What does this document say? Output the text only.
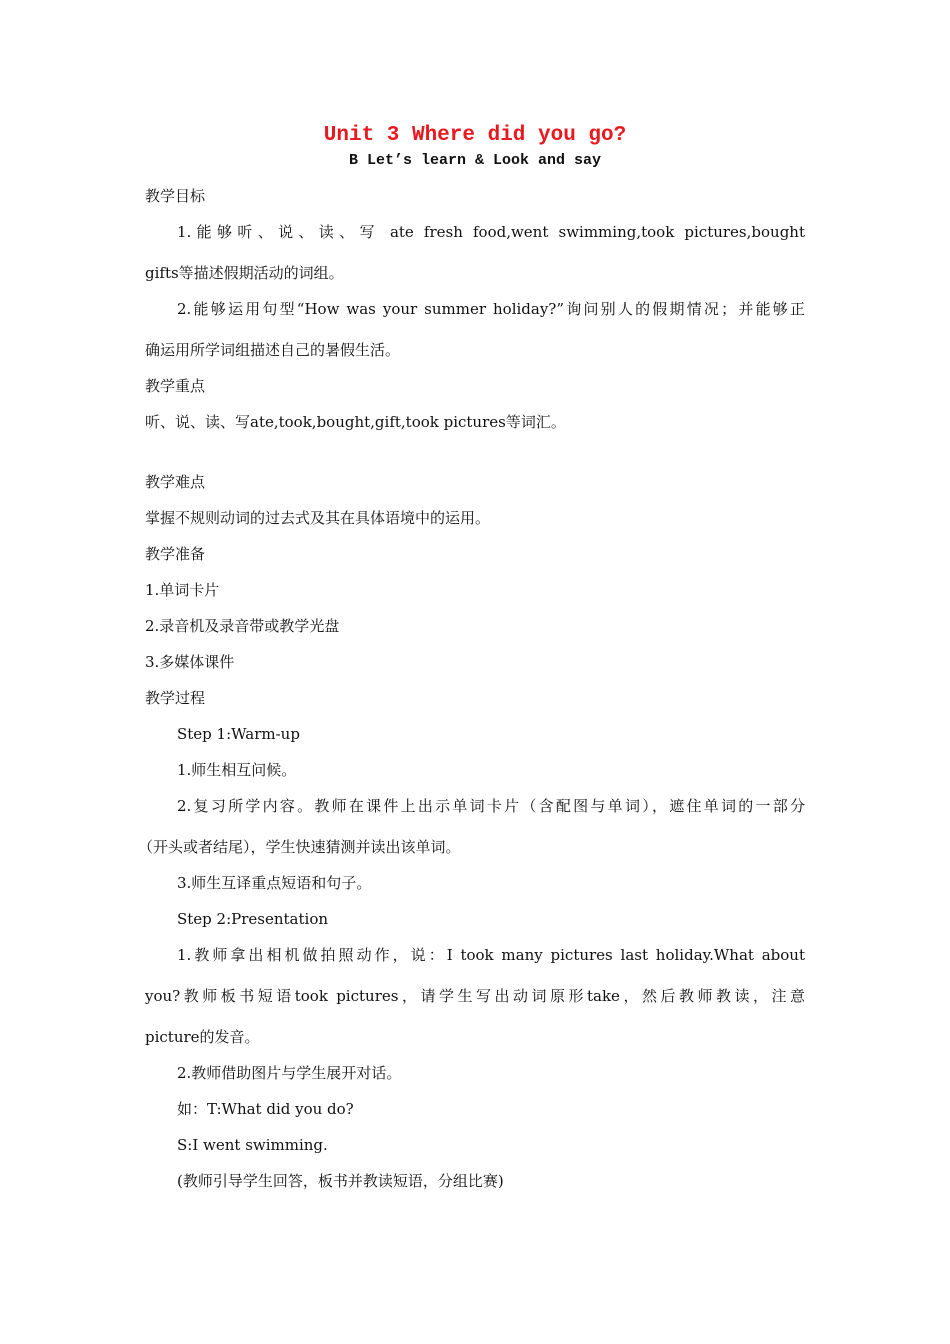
Unit 3 Where did you go?
B Let’s learn & Look and say
教学目标
1.能够听、说、读、写 ate fresh food,went swimming,took pictures,bought
gifts等描述假期活动的词组。
2.能够运用句型“How was your summer holiday?”询问别人的假期情况；并能够正
确运用所学词组描述自己的暑假生活。
教学重点
听、说、读、写ate,took,bought,gift,took pictures等词汇。
教学难点
掌握不规则动词的过去式及其在具体语境中的运用。
教学准备
1.单词卡片
2.录音机及录音带或教学光盘
3.多媒体课件
教学过程
Step 1:Warm-up
1.师生相互问候。
2.复习所学内容。教师在课件上出示单词卡片（含配图与单词），遮住单词的一部分
（开头或者结尾），学生快速猜测并读出该单词。
3.师生互译重点短语和句子。
Step 2:Presentation
1.教师拿出相机做拍照动作，说：I took many pictures last holiday.What about
you?教师板书短语took pictures，请学生写出动词原形take，然后教师教读，注意
picture的发音。
2.教师借助图片与学生展开对话。
如：T:What did you do?
S:I went swimming.
(教师引导学生回答，板书并教读短语，分组比赛)
